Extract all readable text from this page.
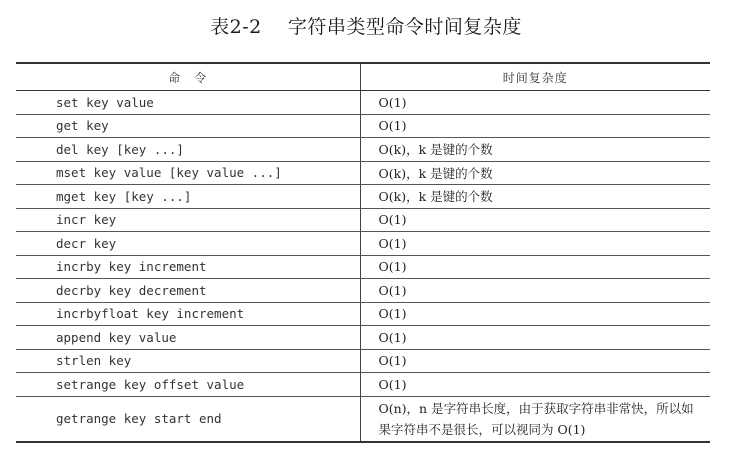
表2-2    字符串类型命令时间复杂度
命　令	时间复杂度
set key value	O(1)
get key	O(1)
del key [key ...]	O(k)，k 是键的个数
mset key value [key value ...]	O(k)，k 是键的个数
mget key [key ...]	O(k)，k 是键的个数
incr key	O(1)
decr key	O(1)
incrby key increment	O(1)
decrby key decrement	O(1)
incrbyfloat key increment	O(1)
append key value	O(1)
strlen key	O(1)
setrange key offset value	O(1)
getrange key start end	O(n)，n 是字符串长度，由于获取字符串非常快，所以如果字符串不是很长，可以视同为 O(1)
